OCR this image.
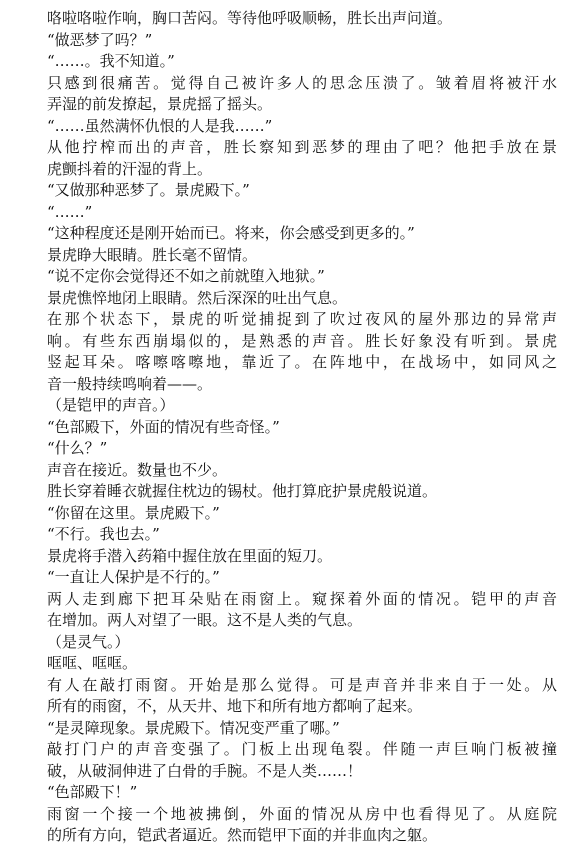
咯啦咯啦作响，胸口苦闷。等待他呼吸顺畅，胜长出声问道。
“做恶梦了吗？”
“……。我不知道。”
只感到很痛苦。觉得自己被许多人的思念压溃了。皱着眉将被汗水
弄湿的前发撩起，景虎摇了摇头。
“……虽然满怀仇恨的人是我……”
从他拧榨而出的声音，胜长察知到恶梦的理由了吧？他把手放在景
虎颤抖着的汗湿的背上。
“又做那种恶梦了。景虎殿下。”
“……”
“这种程度还是刚开始而已。将来，你会感受到更多的。”
景虎睁大眼睛。胜长毫不留情。
“说不定你会觉得还不如之前就堕入地狱。”
景虎憔悴地闭上眼睛。然后深深的吐出气息。
在那个状态下，景虎的听觉捕捉到了吹过夜风的屋外那边的异常声
响。有些东西崩塌似的，是熟悉的声音。胜长好象没有听到。景虎
竖起耳朵。喀嚓喀嚓地，靠近了。在阵地中，在战场中，如同风之
音一般持续鸣响着——。
（是铠甲的声音。）
“色部殿下，外面的情况有些奇怪。”
“什么？”
声音在接近。数量也不少。
胜长穿着睡衣就握住枕边的锡杖。他打算庇护景虎般说道。
“你留在这里。景虎殿下。”
“不行。我也去。”
景虎将手潜入药箱中握住放在里面的短刀。
“一直让人保护是不行的。”
两人走到廊下把耳朵贴在雨窗上。窥探着外面的情况。铠甲的声音
在增加。两人对望了一眼。这不是人类的气息。
（是灵气。）
哐哐、哐哐。
有人在敲打雨窗。开始是那么觉得。可是声音并非来自于一处。从
所有的雨窗，不，从天井、地下和所有地方都响了起来。
“是灵障现象。景虎殿下。情况变严重了哪。”
敲打门户的声音变强了。门板上出现龟裂。伴随一声巨响门板被撞
破，从破洞伸进了白骨的手腕。不是人类……！
“色部殿下！”
雨窗一个接一个地被拂倒，外面的情况从房中也看得见了。从庭院
的所有方向，铠武者逼近。然而铠甲下面的并非血肉之躯。
